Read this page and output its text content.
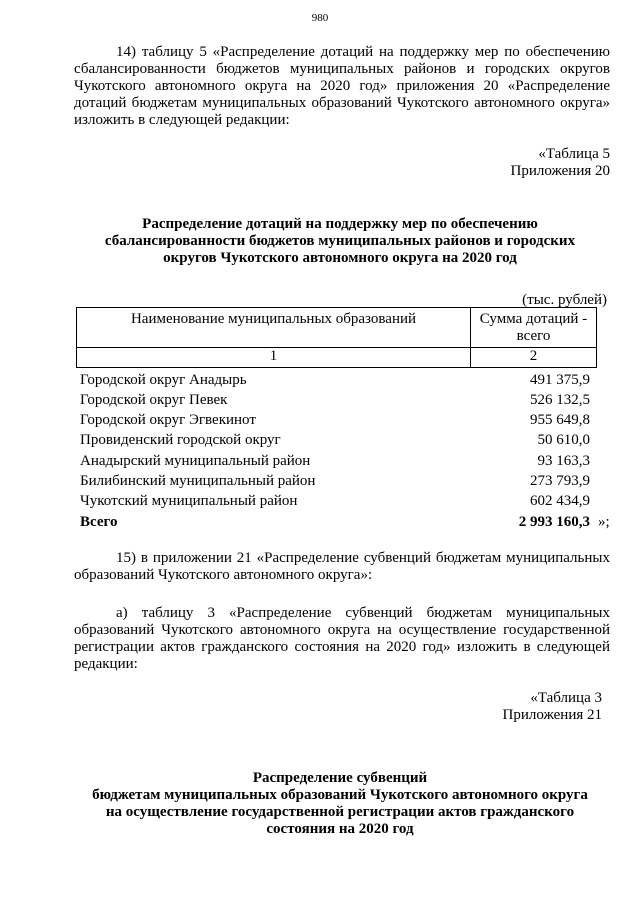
980
14) таблицу 5 «Распределение дотаций на поддержку мер по обеспечению сбалансированности бюджетов муниципальных районов и городских округов Чукотского автономного округа на 2020 год» приложения 20 «Распределение дотаций бюджетам муниципальных образований Чукотского автономного округа» изложить в следующей редакции:
«Таблица 5
Приложения 20
Распределение дотаций на поддержку мер по обеспечению
сбалансированности бюджетов муниципальных районов и городских
округов Чукотского автономного округа на 2020 год
(тыс. рублей)
Наименование муниципальных образований	Сумма дотаций -
всего

1	2
Городской округ Анадырь	491 375,9
Городской округ Певек	526 132,5
Городской округ Эгвекинот	955 649,8
Провиденский городской округ	50 610,0
Анадырский муниципальный район	93 163,3
Билибинский муниципальный район	273 793,9
Чукотский муниципальный район	602 434,9
Всего	2 993 160,3 »;
15) в приложении 21 «Распределение субвенций бюджетам муниципальных образований Чукотского автономного округа»:
а) таблицу 3 «Распределение субвенций бюджетам муниципальных образований Чукотского автономного округа на осуществление государственной регистрации актов гражданского состояния на 2020 год» изложить в следующей редакции:
«Таблица 3
Приложения 21
Распределение субвенций
бюджетам муниципальных образований Чукотского автономного округа
на осуществление государственной регистрации актов гражданского
состояния на 2020 год
